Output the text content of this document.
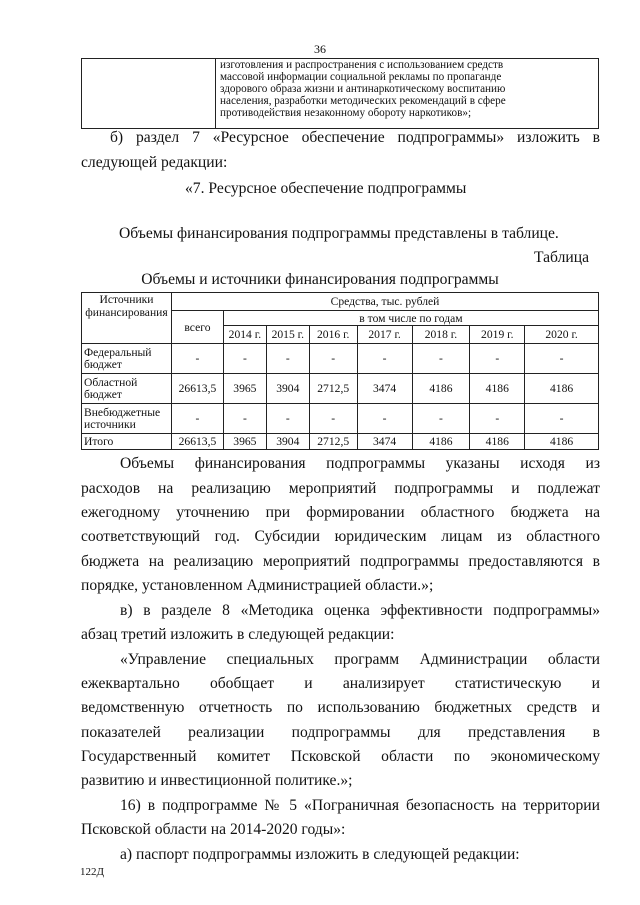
36

изготовления и распространения с использованием средств
массовой информации социальной рекламы по пропаганде
здорового образа жизни и антинаркотическому воспитанию
населения, разработки методических рекомендаций в сфере
противодействия незаконному обороту наркотиков»;
б) раздел 7 «Ресурсное обеспечение подпрограммы» изложить в
следующей редакции:
«7. Ресурсное обеспечение подпрограммы
Объемы финансирования подпрограммы представлены в таблице.
Таблица
Объемы и источники финансирования подпрограммы
Источники финансирования	Средства, тыс. рублей							
	всего	в том числе по годам						
		2014 г.	2015 г.	2016 г.	2017 г.	2018 г.	2019 г.	2020 г.
Федеральный бюджет	-	-	-	-	-	-	-	-
Областной бюджет	26613,5	3965	3904	2712,5	3474	4186	4186	4186
Внебюджетные источники	-	-	-	-	-	-	-	-
Итого	26613,5	3965	3904	2712,5	3474	4186	4186	4186
Объемы финансирования подпрограммы указаны исходя из
расходов на реализацию мероприятий подпрограммы и подлежат
ежегодному уточнению при формировании областного бюджета на
соответствующий год. Субсидии юридическим лицам из областного
бюджета на реализацию мероприятий подпрограммы предоставляются в
порядке, установленном Администрацией области.»;
в) в разделе 8 «Методика оценка эффективности подпрограммы»
абзац третий изложить в следующей редакции:
«Управление специальных программ Администрации области
ежеквартально обобщает и анализирует статистическую и
ведомственную отчетность по использованию бюджетных средств и
показателей реализации подпрограммы для представления в
Государственный комитет Псковской области по экономическому
развитию и инвестиционной политике.»;
16) в подпрограмме № 5 «Пограничная безопасность на территории
Псковской области на 2014-2020 годы»:
а) паспорт подпрограммы изложить в следующей редакции:
122Д
